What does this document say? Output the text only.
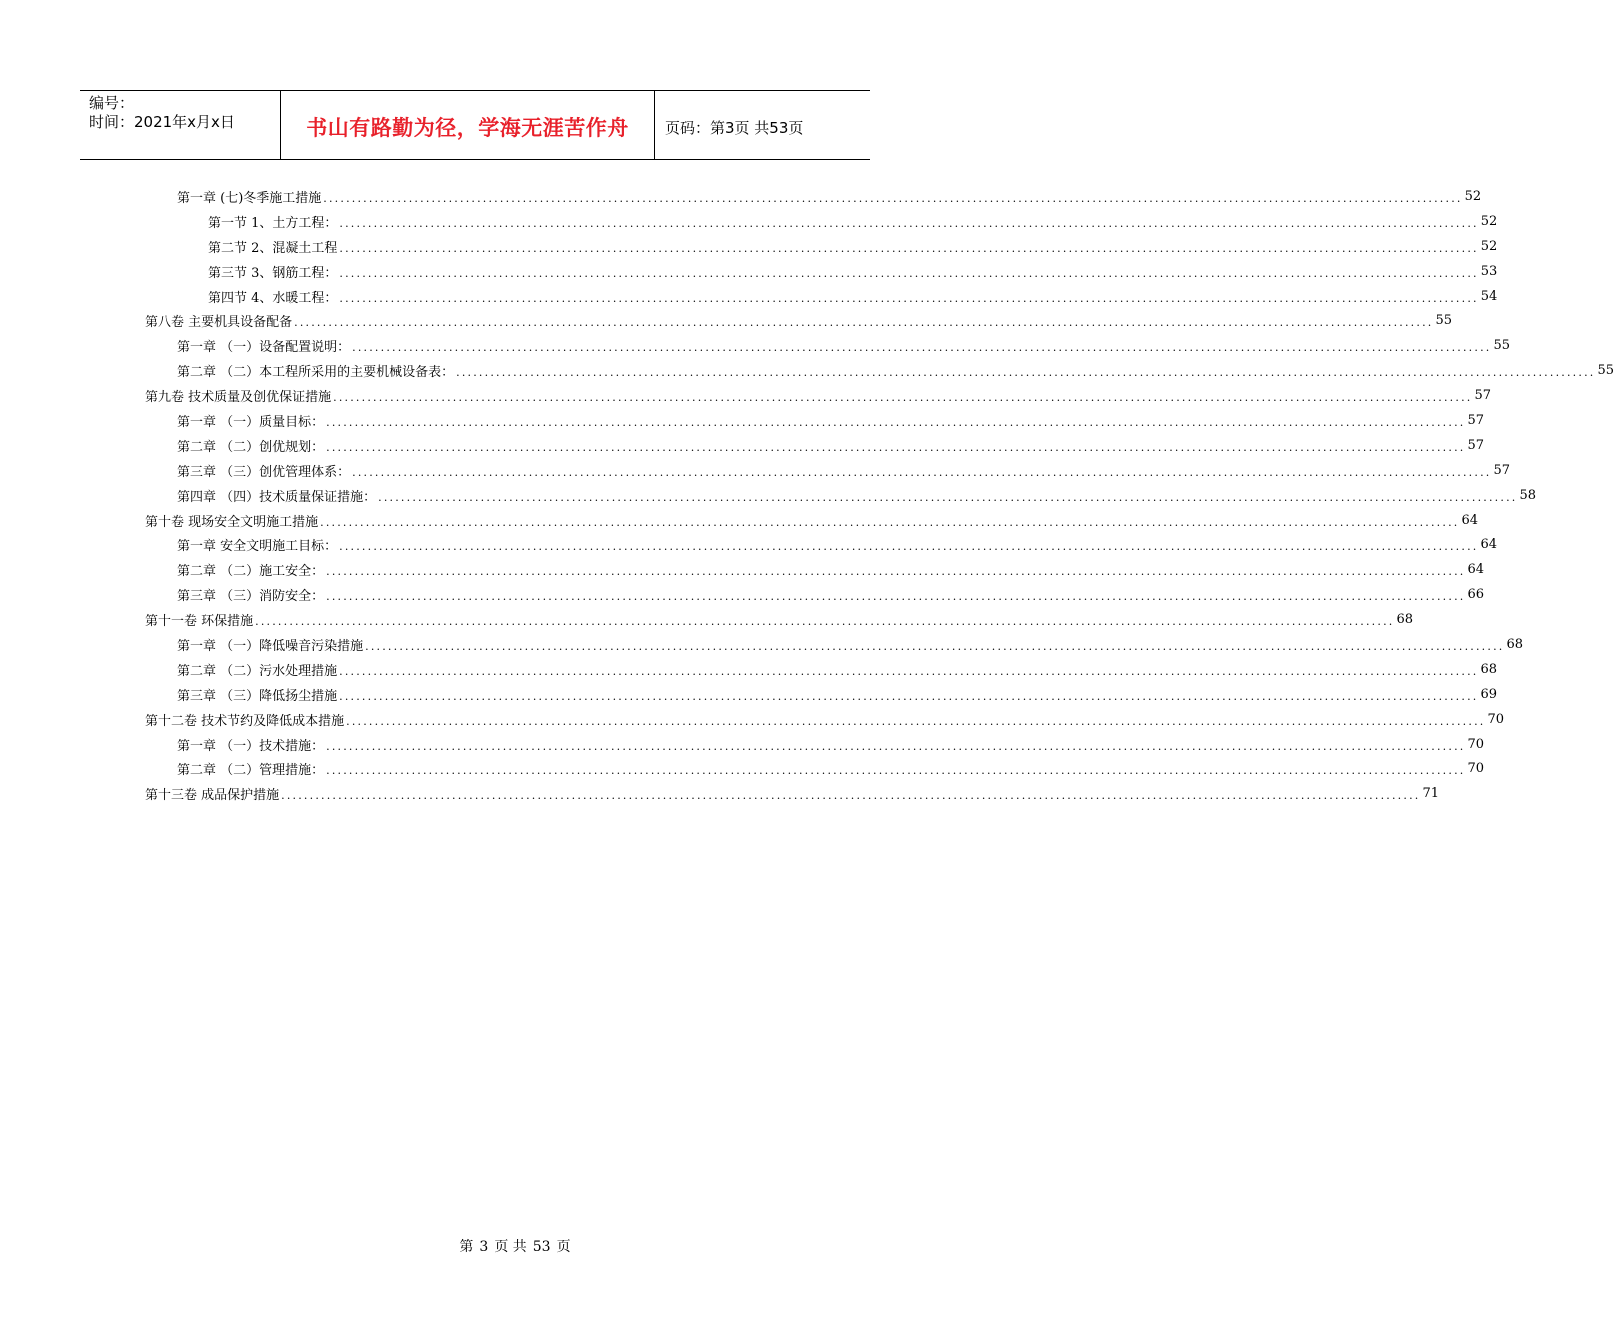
编号：
时间：2021年x月x日	书山有路勤为径，学海无涯苦作舟	页码：第3页 共53页
第一章 (七)冬季施工措施 ........................................................................................................................................................................................................ 52
第一节 1、土方工程： ........................................................................................................................................................................................................ 52
第二节 2、混凝土工程 ........................................................................................................................................................................................................ 52
第三节 3、钢筋工程： ........................................................................................................................................................................................................ 53
第四节 4、水暖工程： ........................................................................................................................................................................................................ 54
第八卷 主要机具设备配备 ........................................................................................................................................................................................................ 55
第一章 （一）设备配置说明： ........................................................................................................................................................................................................ 55
第二章 （二）本工程所采用的主要机械设备表： ........................................................................................................................................................................................................ 55
第九卷 技术质量及创优保证措施 ........................................................................................................................................................................................................ 57
第一章 （一）质量目标： ........................................................................................................................................................................................................ 57
第二章 （二）创优规划： ........................................................................................................................................................................................................ 57
第三章 （三）创优管理体系： ........................................................................................................................................................................................................ 57
第四章 （四）技术质量保证措施： ........................................................................................................................................................................................................ 58
第十卷 现场安全文明施工措施 ........................................................................................................................................................................................................ 64
第一章 安全文明施工目标： ........................................................................................................................................................................................................ 64
第二章 （二）施工安全： ........................................................................................................................................................................................................ 64
第三章 （三）消防安全： ........................................................................................................................................................................................................ 66
第十一卷 环保措施 ........................................................................................................................................................................................................ 68
第一章 （一）降低噪音污染措施 ........................................................................................................................................................................................................ 68
第二章 （二）污水处理措施 ........................................................................................................................................................................................................ 68
第三章 （三）降低扬尘措施 ........................................................................................................................................................................................................ 69
第十二卷 技术节约及降低成本措施 ........................................................................................................................................................................................................ 70
第一章 （一）技术措施： ........................................................................................................................................................................................................ 70
第二章 （二）管理措施： ........................................................................................................................................................................................................ 70
第十三卷 成品保护措施 ........................................................................................................................................................................................................ 71
第 3 页 共 53 页
